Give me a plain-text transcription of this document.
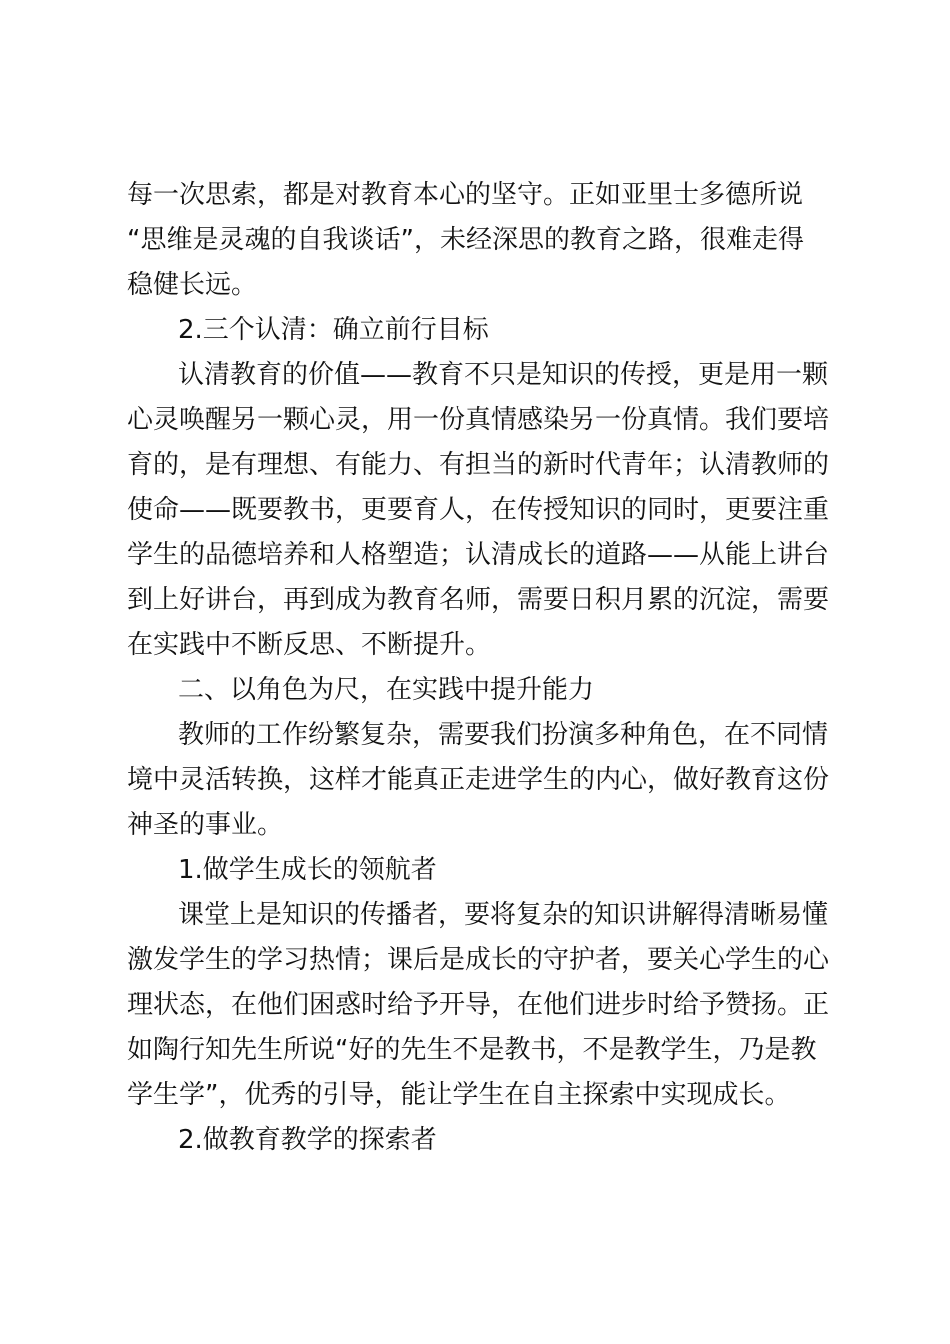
每一次思索，都是对教育本心的坚守。正如亚里士多德所说
“思维是灵魂的自我谈话”，未经深思的教育之路，很难走得
稳健长远。
2.三个认清：确立前行目标
认清教育的价值——教育不只是知识的传授，更是用一颗
心灵唤醒另一颗心灵，用一份真情感染另一份真情。我们要培
育的，是有理想、有能力、有担当的新时代青年；认清教师的
使命——既要教书，更要育人，在传授知识的同时，更要注重
学生的品德培养和人格塑造；认清成长的道路——从能上讲台
到上好讲台，再到成为教育名师，需要日积月累的沉淀，需要
在实践中不断反思、不断提升。
二、以角色为尺，在实践中提升能力
教师的工作纷繁复杂，需要我们扮演多种角色，在不同情
境中灵活转换，这样才能真正走进学生的内心，做好教育这份
神圣的事业。
1.做学生成长的领航者
课堂上是知识的传播者，要将复杂的知识讲解得清晰易懂
激发学生的学习热情；课后是成长的守护者，要关心学生的心
理状态，在他们困惑时给予开导，在他们进步时给予赞扬。正
如陶行知先生所说“好的先生不是教书，不是教学生，乃是教
学生学”，优秀的引导，能让学生在自主探索中实现成长。
2.做教育教学的探索者
